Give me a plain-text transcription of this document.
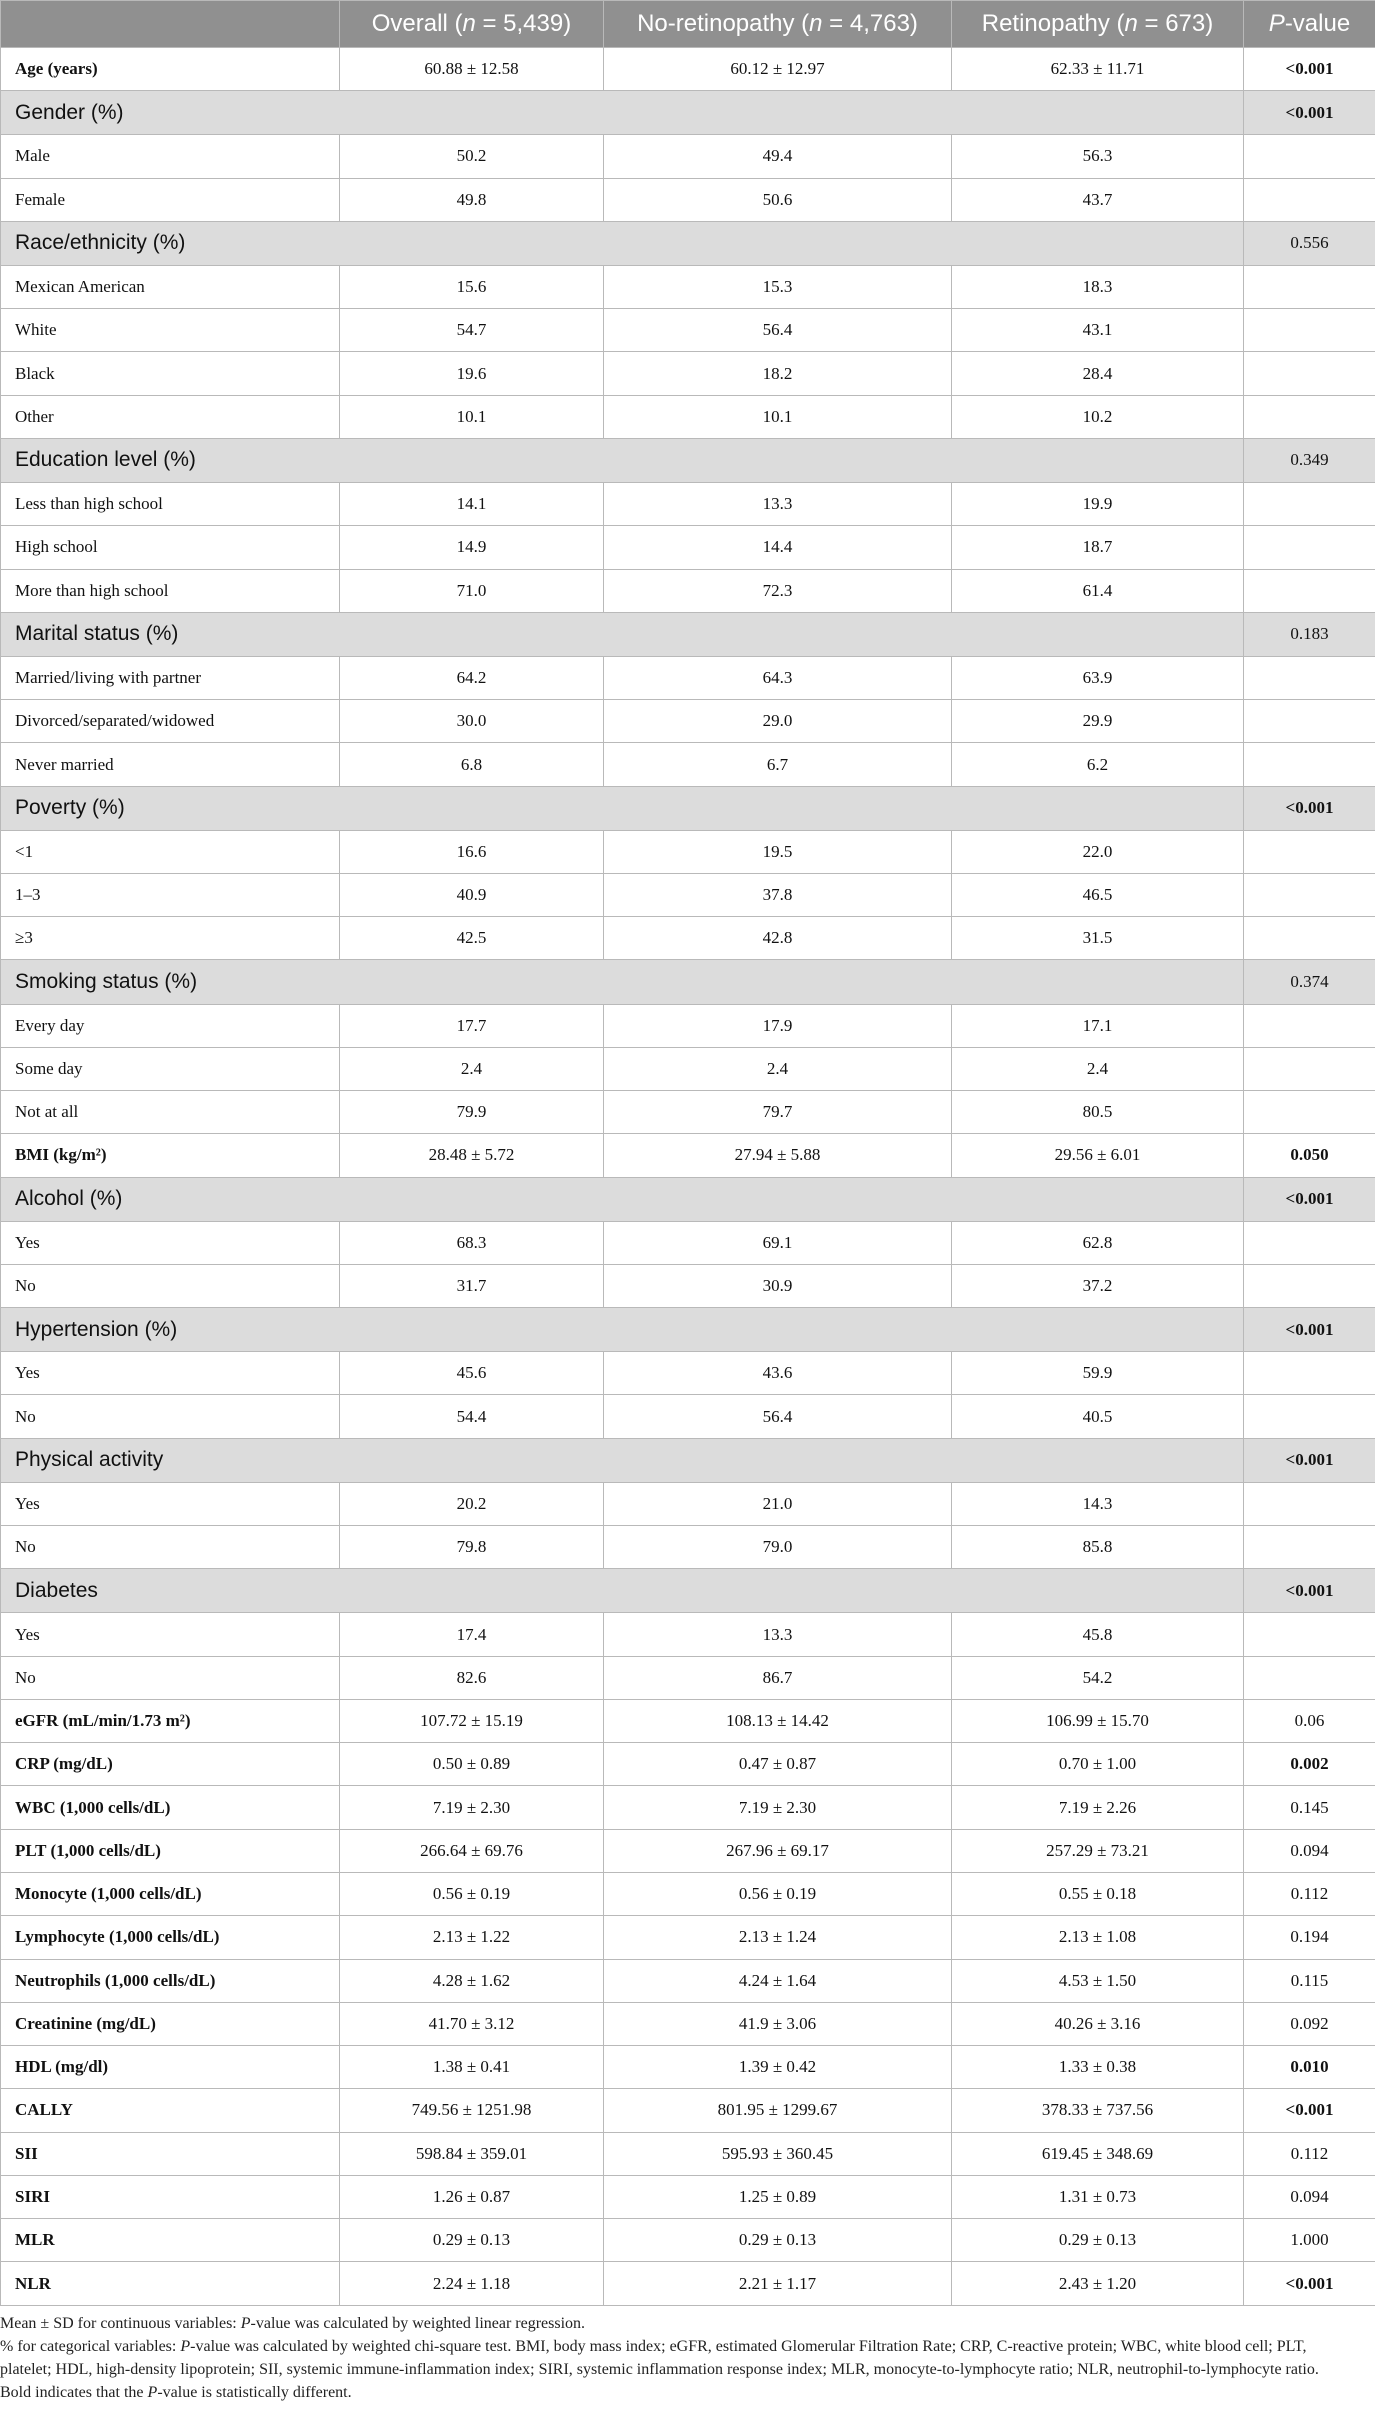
	Overall (n = 5,439)	No-retinopathy (n = 4,763)	Retinopathy (n = 673)	P-value
Age (years)	60.88 ± 12.58	60.12 ± 12.97	62.33 ± 11.71	<0.001
Gender (%)				<0.001
Male	50.2	49.4	56.3	
Female	49.8	50.6	43.7	
Race/ethnicity (%)				0.556
Mexican American	15.6	15.3	18.3	
White	54.7	56.4	43.1	
Black	19.6	18.2	28.4	
Other	10.1	10.1	10.2	
Education level (%)				0.349
Less than high school	14.1	13.3	19.9	
High school	14.9	14.4	18.7	
More than high school	71.0	72.3	61.4	
Marital status (%)				0.183
Married/living with partner	64.2	64.3	63.9	
Divorced/separated/widowed	30.0	29.0	29.9	
Never married	6.8	6.7	6.2	
Poverty (%)				<0.001
<1	16.6	19.5	22.0	
1–3	40.9	37.8	46.5	
≥3	42.5	42.8	31.5	
Smoking status (%)				0.374
Every day	17.7	17.9	17.1	
Some day	2.4	2.4	2.4	
Not at all	79.9	79.7	80.5	
BMI (kg/m²)	28.48 ± 5.72	27.94 ± 5.88	29.56 ± 6.01	0.050
Alcohol (%)				<0.001
Yes	68.3	69.1	62.8	
No	31.7	30.9	37.2	
Hypertension (%)				<0.001
Yes	45.6	43.6	59.9	
No	54.4	56.4	40.5	
Physical activity				<0.001
Yes	20.2	21.0	14.3	
No	79.8	79.0	85.8	
Diabetes				<0.001
Yes	17.4	13.3	45.8	
No	82.6	86.7	54.2	
eGFR (mL/min/1.73 m²)	107.72 ± 15.19	108.13 ± 14.42	106.99 ± 15.70	0.06
CRP (mg/dL)	0.50 ± 0.89	0.47 ± 0.87	0.70 ± 1.00	0.002
WBC (1,000 cells/dL)	7.19 ± 2.30	7.19 ± 2.30	7.19 ± 2.26	0.145
PLT (1,000 cells/dL)	266.64 ± 69.76	267.96 ± 69.17	257.29 ± 73.21	0.094
Monocyte (1,000 cells/dL)	0.56 ± 0.19	0.56 ± 0.19	0.55 ± 0.18	0.112
Lymphocyte (1,000 cells/dL)	2.13 ± 1.22	2.13 ± 1.24	2.13 ± 1.08	0.194
Neutrophils (1,000 cells/dL)	4.28 ± 1.62	4.24 ± 1.64	4.53 ± 1.50	0.115
Creatinine (mg/dL)	41.70 ± 3.12	41.9 ± 3.06	40.26 ± 3.16	0.092
HDL (mg/dl)	1.38 ± 0.41	1.39 ± 0.42	1.33 ± 0.38	0.010
CALLY	749.56 ± 1251.98	801.95 ± 1299.67	378.33 ± 737.56	<0.001
SII	598.84 ± 359.01	595.93 ± 360.45	619.45 ± 348.69	0.112
SIRI	1.26 ± 0.87	1.25 ± 0.89	1.31 ± 0.73	0.094
MLR	0.29 ± 0.13	0.29 ± 0.13	0.29 ± 0.13	1.000
NLR	2.24 ± 1.18	2.21 ± 1.17	2.43 ± 1.20	<0.001

Mean ± SD for continuous variables: P-value was calculated by weighted linear regression.

% for categorical variables: P-value was calculated by weighted chi-square test. BMI, body mass index; eGFR, estimated Glomerular Filtration Rate; CRP, C-reactive protein; WBC, white blood cell; PLT, platelet; HDL, high-density lipoprotein; SII, systemic immune-inflammation index; SIRI, systemic inflammation response index; MLR, monocyte-to-lymphocyte ratio; NLR, neutrophil-to-lymphocyte ratio.

Bold indicates that the P-value is statistically different.
